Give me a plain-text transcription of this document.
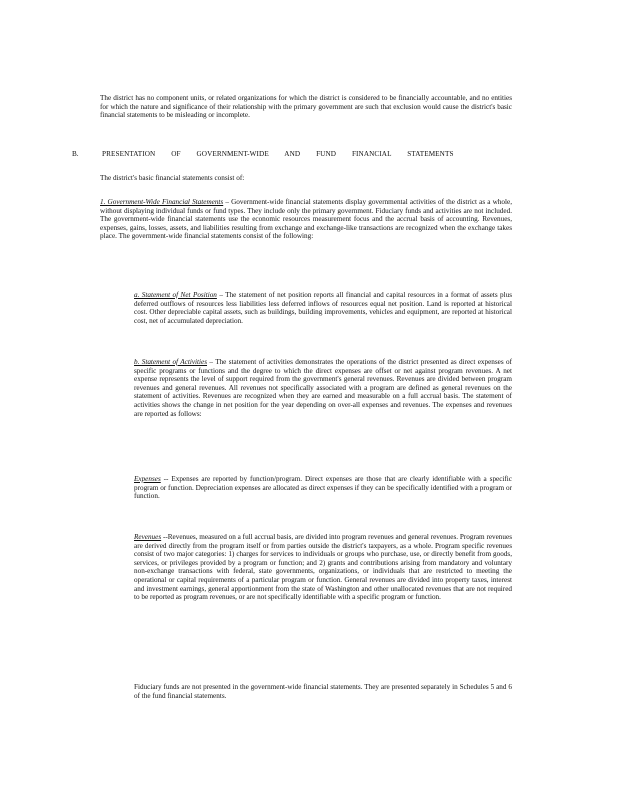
The district has no component units, or related organizations for which the district is considered to be financially accountable, and no entities for which the nature and significance of their relationship with the primary government are such that exclusion would cause the district's basic financial statements to be misleading or incomplete.

B.	PRESENTATION OF GOVERNMENT-WIDE AND FUND FINANCIAL STATEMENTS

The district's basic financial statements consist of:

1. Government-Wide Financial Statements – Government-wide financial statements display governmental activities of the district as a whole, without displaying individual funds or fund types. They include only the primary government. Fiduciary funds and activities are not included. The government-wide financial statements use the economic resources measurement focus and the accrual basis of accounting. Revenues, expenses, gains, losses, assets, and liabilities resulting from exchange and exchange-like transactions are recognized when the exchange takes place. The government-wide financial statements consist of the following:

a. Statement of Net Position – The statement of net position reports all financial and capital resources in a format of assets plus deferred outflows of resources less liabilities less deferred inflows of resources equal net position. Land is reported at historical cost. Other depreciable capital assets, such as buildings, building improvements, vehicles and equipment, are reported at historical cost, net of accumulated depreciation.

b. Statement of Activities – The statement of activities demonstrates the operations of the district presented as direct expenses of specific programs or functions and the degree to which the direct expenses are offset or net against program revenues. A net expense represents the level of support required from the government's general revenues. Revenues are divided between program revenues and general revenues. All revenues not specifically associated with a program are defined as general revenues on the statement of activities. Revenues are recognized when they are earned and measurable on a full accrual basis. The statement of activities shows the change in net position for the year depending on over-all expenses and revenues. The expenses and revenues are reported as follows:

Expenses -- Expenses are reported by function/program. Direct expenses are those that are clearly identifiable with a specific program or function. Depreciation expenses are allocated as direct expenses if they can be specifically identified with a program or function.

Revenues --Revenues, measured on a full accrual basis, are divided into program revenues and general revenues. Program revenues are derived directly from the program itself or from parties outside the district's taxpayers, as a whole. Program specific revenues consist of two major categories: 1) charges for services to individuals or groups who purchase, use, or directly benefit from goods, services, or privileges provided by a program or function; and 2) grants and contributions arising from mandatory and voluntary non-exchange transactions with federal, state governments, organizations, or individuals that are restricted to meeting the operational or capital requirements of a particular program or function. General revenues are divided into property taxes, interest and investment earnings, general apportionment from the state of Washington and other unallocated revenues that are not required to be reported as program revenues, or are not specifically identifiable with a specific program or function.

Fiduciary funds are not presented in the government-wide financial statements. They are presented separately in Schedules 5 and 6 of the fund financial statements.
